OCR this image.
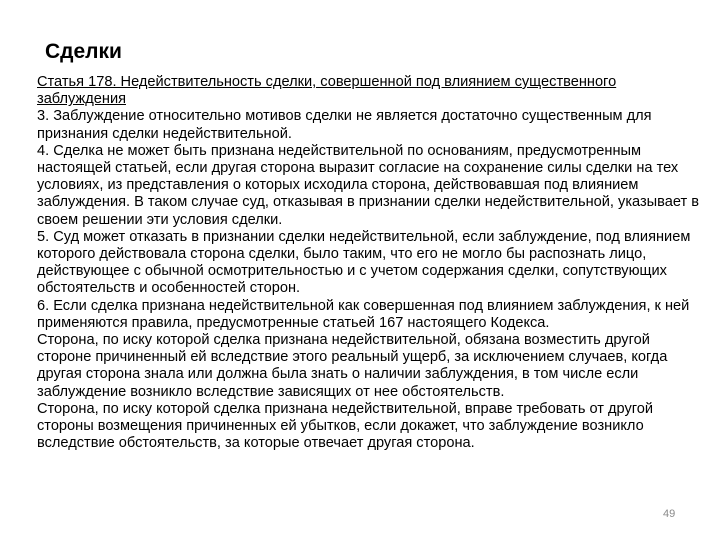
Сделки

Статья 178. Недействительность сделки, совершенной под влиянием существенного заблуждения

3. Заблуждение относительно мотивов сделки не является достаточно существенным для признания сделки недействительной.

4. Сделка не может быть признана недействительной по основаниям, предусмотренным настоящей статьей, если другая сторона выразит согласие на сохранение силы сделки на тех условиях, из представления о которых исходила сторона, действовавшая под влиянием заблуждения. В таком случае суд, отказывая в признании сделки недействительной, указывает в своем решении эти условия сделки.

5. Суд может отказать в признании сделки недействительной, если заблуждение, под влиянием которого действовала сторона сделки, было таким, что его не могло бы распознать лицо, действующее с обычной осмотрительностью и с учетом содержания сделки, сопутствующих обстоятельств и особенностей сторон.

6. Если сделка признана недействительной как совершенная под влиянием заблуждения, к ней применяются правила, предусмотренные статьей 167 настоящего Кодекса.

Сторона, по иску которой сделка признана недействительной, обязана возместить другой стороне причиненный ей вследствие этого реальный ущерб, за исключением случаев, когда другая сторона знала или должна была знать о наличии заблуждения, в том числе если заблуждение возникло вследствие зависящих от нее обстоятельств.

Сторона, по иску которой сделка признана недействительной, вправе требовать от другой стороны возмещения причиненных ей убытков, если докажет, что заблуждение возникло вследствие обстоятельств, за которые отвечает другая сторона.

49
